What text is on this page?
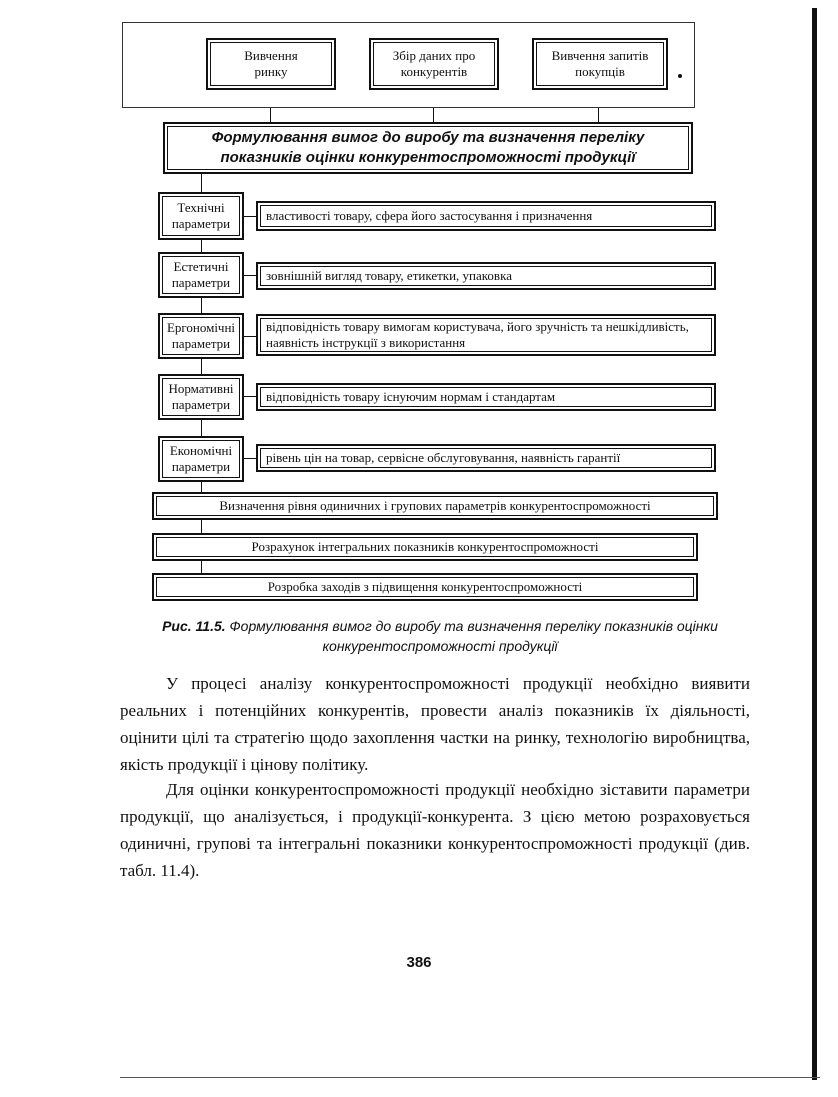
Вивчення
ринку
Збір даних про
конкурентів
Вивчення запитів
покупців
Формулювання вимог до виробу та визначення переліку показників оцінки конкурентоспроможності продукції
Технічні
параметри
властивості товару, сфера його застосування і призначення
Естетичні
параметри	зовнішній вигляд товару, етикетки, упаковка
Ергономічні
параметри
відповідність товару вимогам користувача, його зручність та нешкідливість, наявність інструкції з використання
Нормативні
параметри
відповідність товару існуючим нормам і стандартам
Економічні
параметри
рівень цін на товар, сервісне обслуговування, наявність гарантії
Визначення рівня одиничних і групових параметрів конкурентоспроможності
Розрахунок інтегральних показників конкурентоспроможності
Розробка заходів з підвищення конкурентоспроможності
Рис. 11.5. Формулювання вимог до виробу та визначення переліку показників оцінки конкурентоспроможності продукції
У процесі аналізу конкурентоспроможності продукції необхідно виявити реальних і потенційних конкурентів, провести аналіз показників їх діяльності, оцінити цілі та стратегію щодо захоплення частки на ринку, технологію виробництва, якість продукції і цінову політику.
Для оцінки конкурентоспроможності продукції необхідно зіставити параметри продукції, що аналізується, і продукції-конкурента. З цією метою розраховується одиничні, групові та інтегральні показники конкурентоспроможності продукції (див. табл. 11.4).
386
